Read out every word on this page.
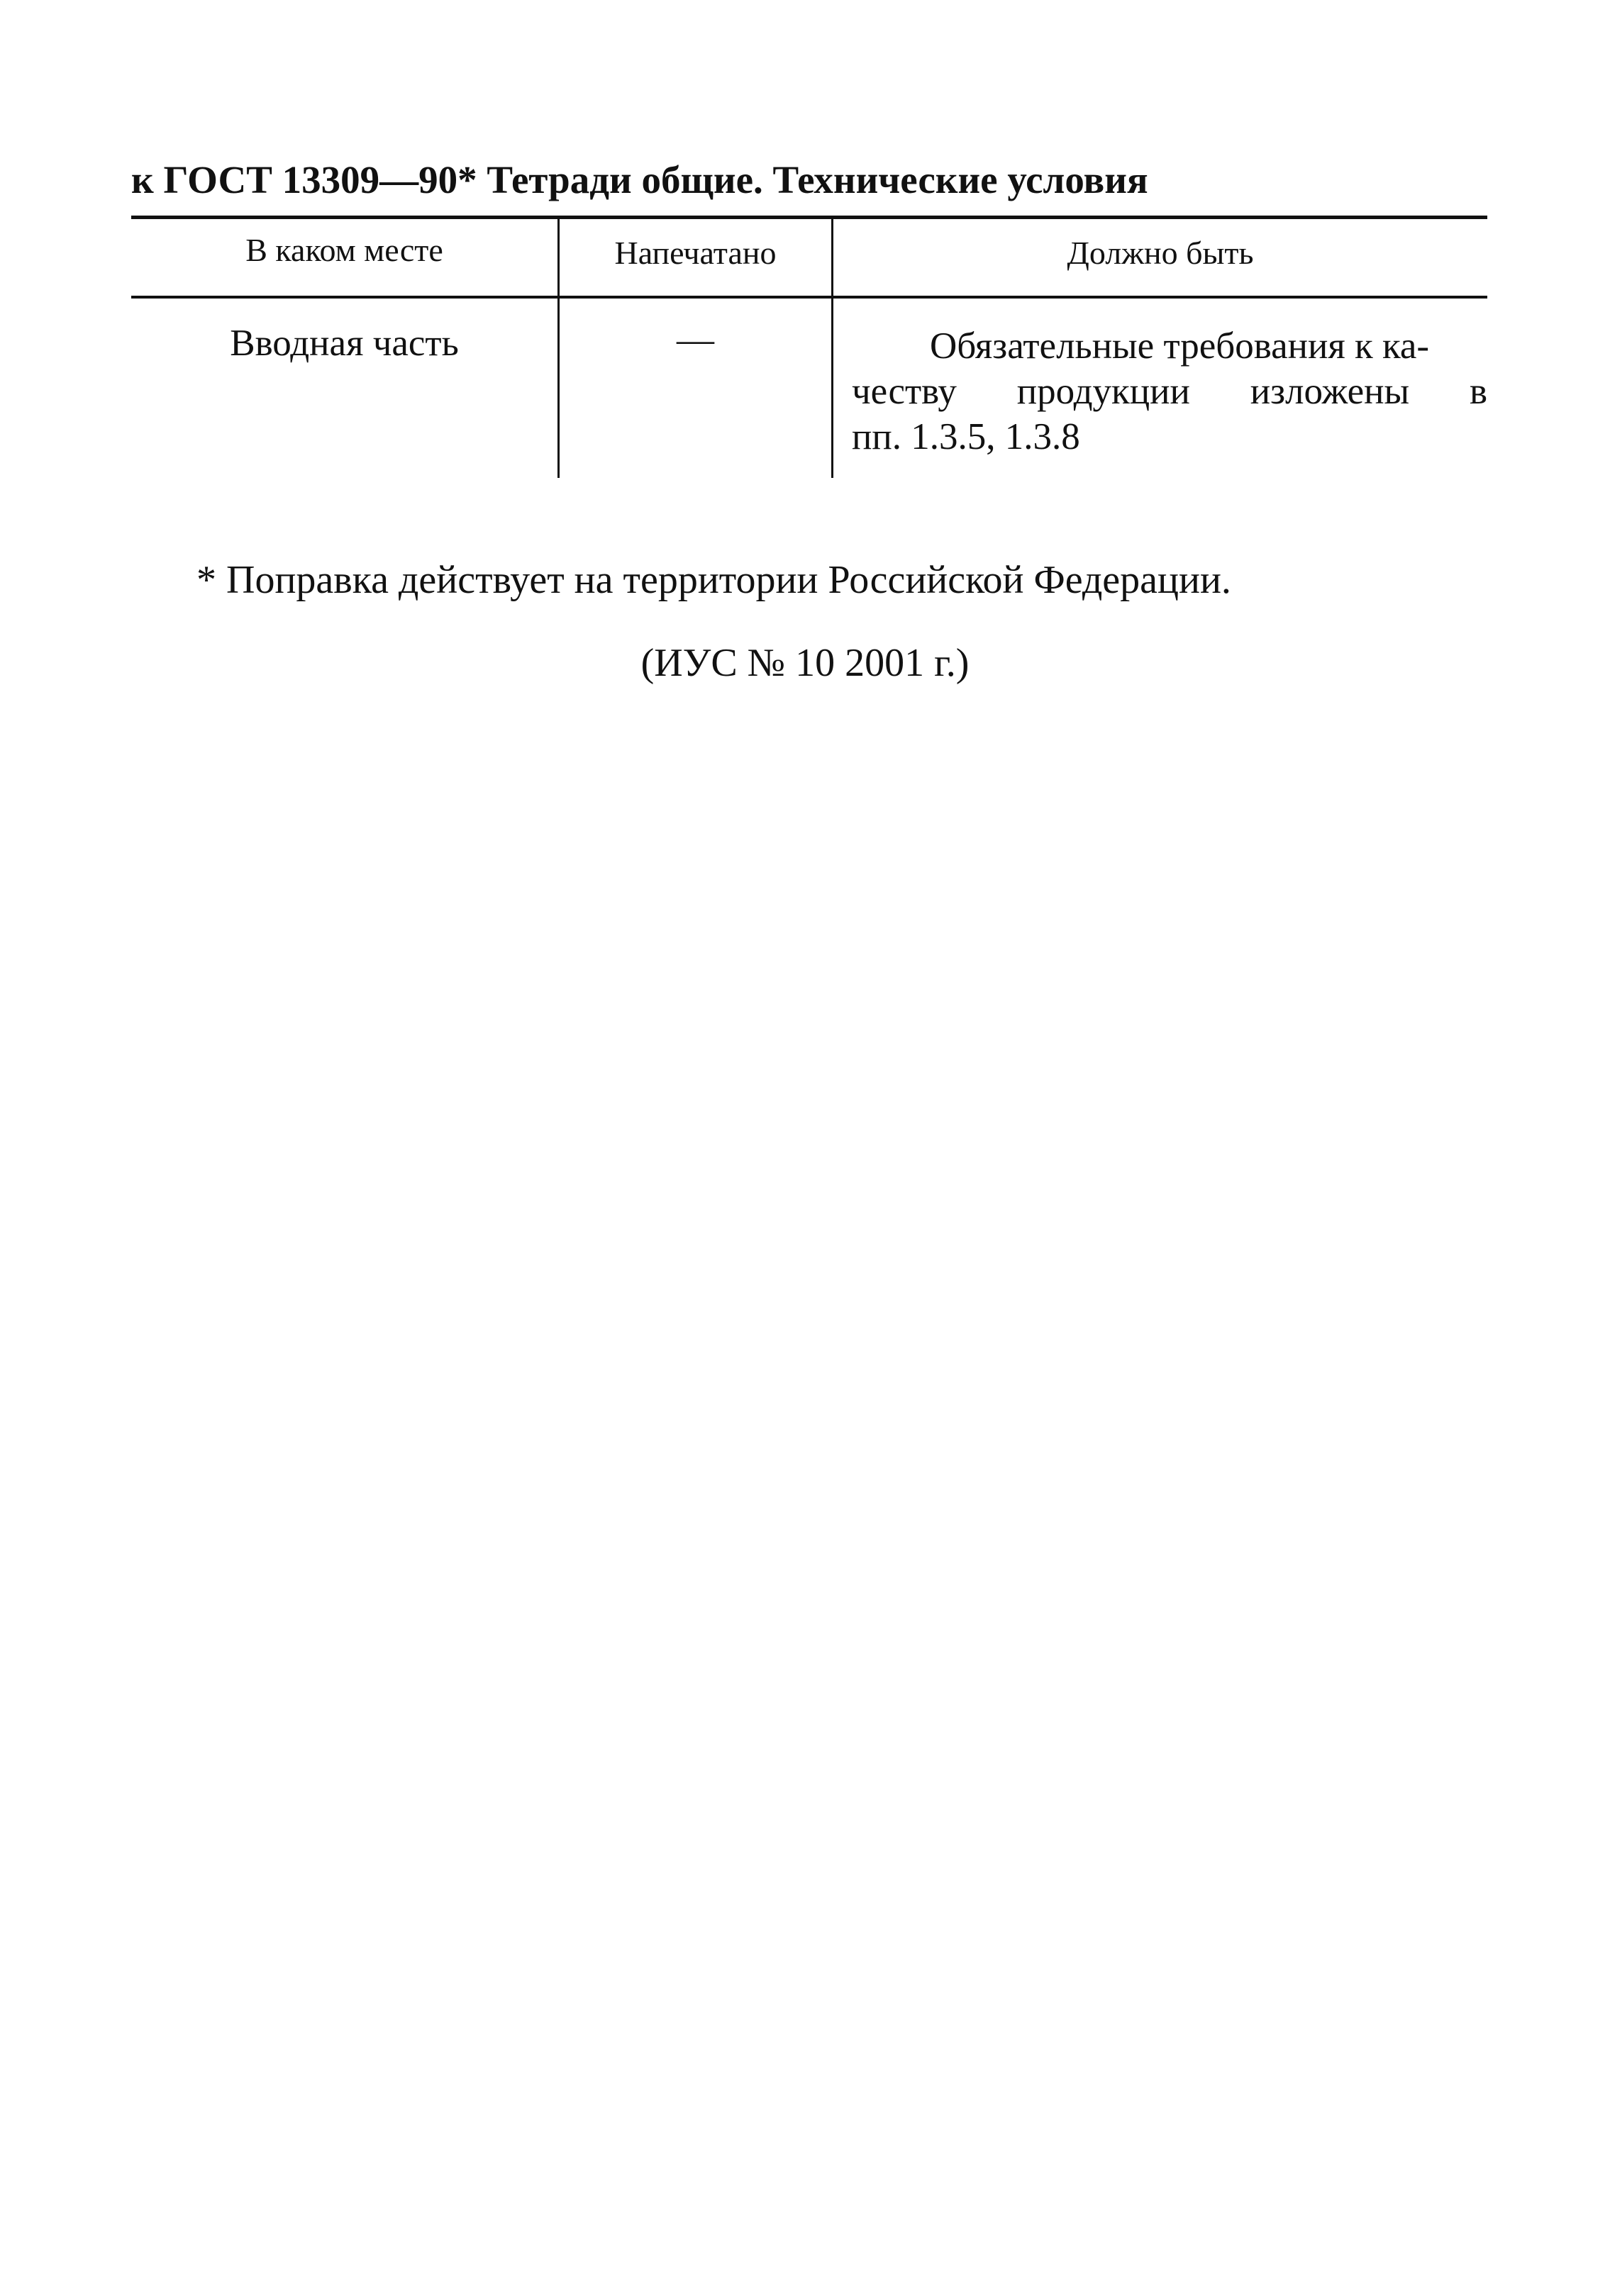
к ГОСТ 13309—90* Тетради общие. Технические условия
В каком месте	Напечатано	Должно быть
Вводная часть	—	Обязательные требования к ка-
честву продукции изложены в
пп. 1.3.5, 1.3.8
* Поправка действует на территории Российской Федерации.
(ИУС № 10 2001 г.)
